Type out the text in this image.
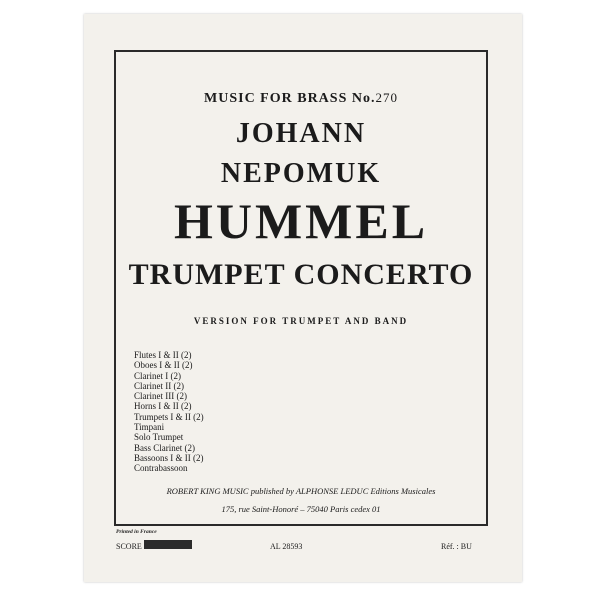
MUSIC FOR BRASS No.270
JOHANN
NEPOMUK
HUMMEL
TRUMPET CONCERTO
VERSION FOR TRUMPET AND BAND
Flutes I & II (2)
Oboes I & II (2)
Clarinet I (2)
Clarinet II (2)
Clarinet III (2)
Horns I & II (2)
Trumpets I & II (2)
Timpani
Solo Trumpet
Bass Clarinet (2)
Bassoons I & II (2)
Contrabassoon
ROBERT KING MUSIC published by ALPHONSE LEDUC Editions Musicales
175, rue Saint-Honoré – 75040 Paris cedex 01
Printed in France
SCORE	AL 28593	Réf. : BU
